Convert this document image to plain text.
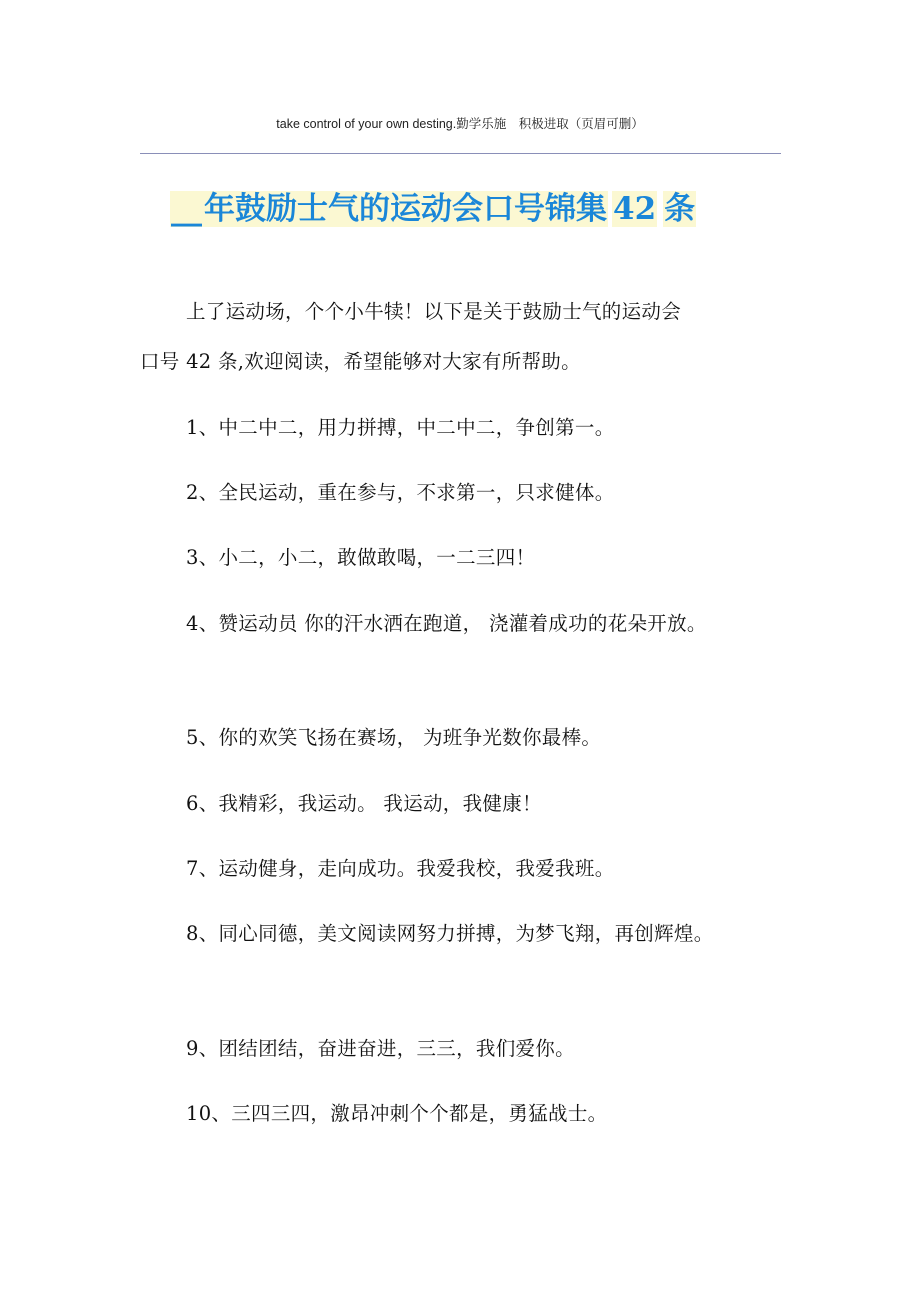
take control of your own desting.勤学乐施　积极进取（页眉可删）
__年鼓励士气的运动会口号锦集 42 条
上了运动场，个个小牛犊！以下是关于鼓励士气的运动会
口号 42 条,欢迎阅读，希望能够对大家有所帮助。
1、中二中二，用力拼搏，中二中二，争创第一。
2、全民运动，重在参与，不求第一，只求健体。
3、小二，小二，敢做敢喝，一二三四！
4、赞运动员 你的汗水洒在跑道， 浇灌着成功的花朵开放。
5、你的欢笑飞扬在赛场， 为班争光数你最棒。
6、我精彩，我运动。 我运动，我健康！
7、运动健身，走向成功。我爱我校，我爱我班。
8、同心同德，美文阅读网努力拼搏，为梦飞翔，再创辉煌。
9、团结团结，奋进奋进，三三，我们爱你。
10、三四三四，激昂冲刺个个都是，勇猛战士。
